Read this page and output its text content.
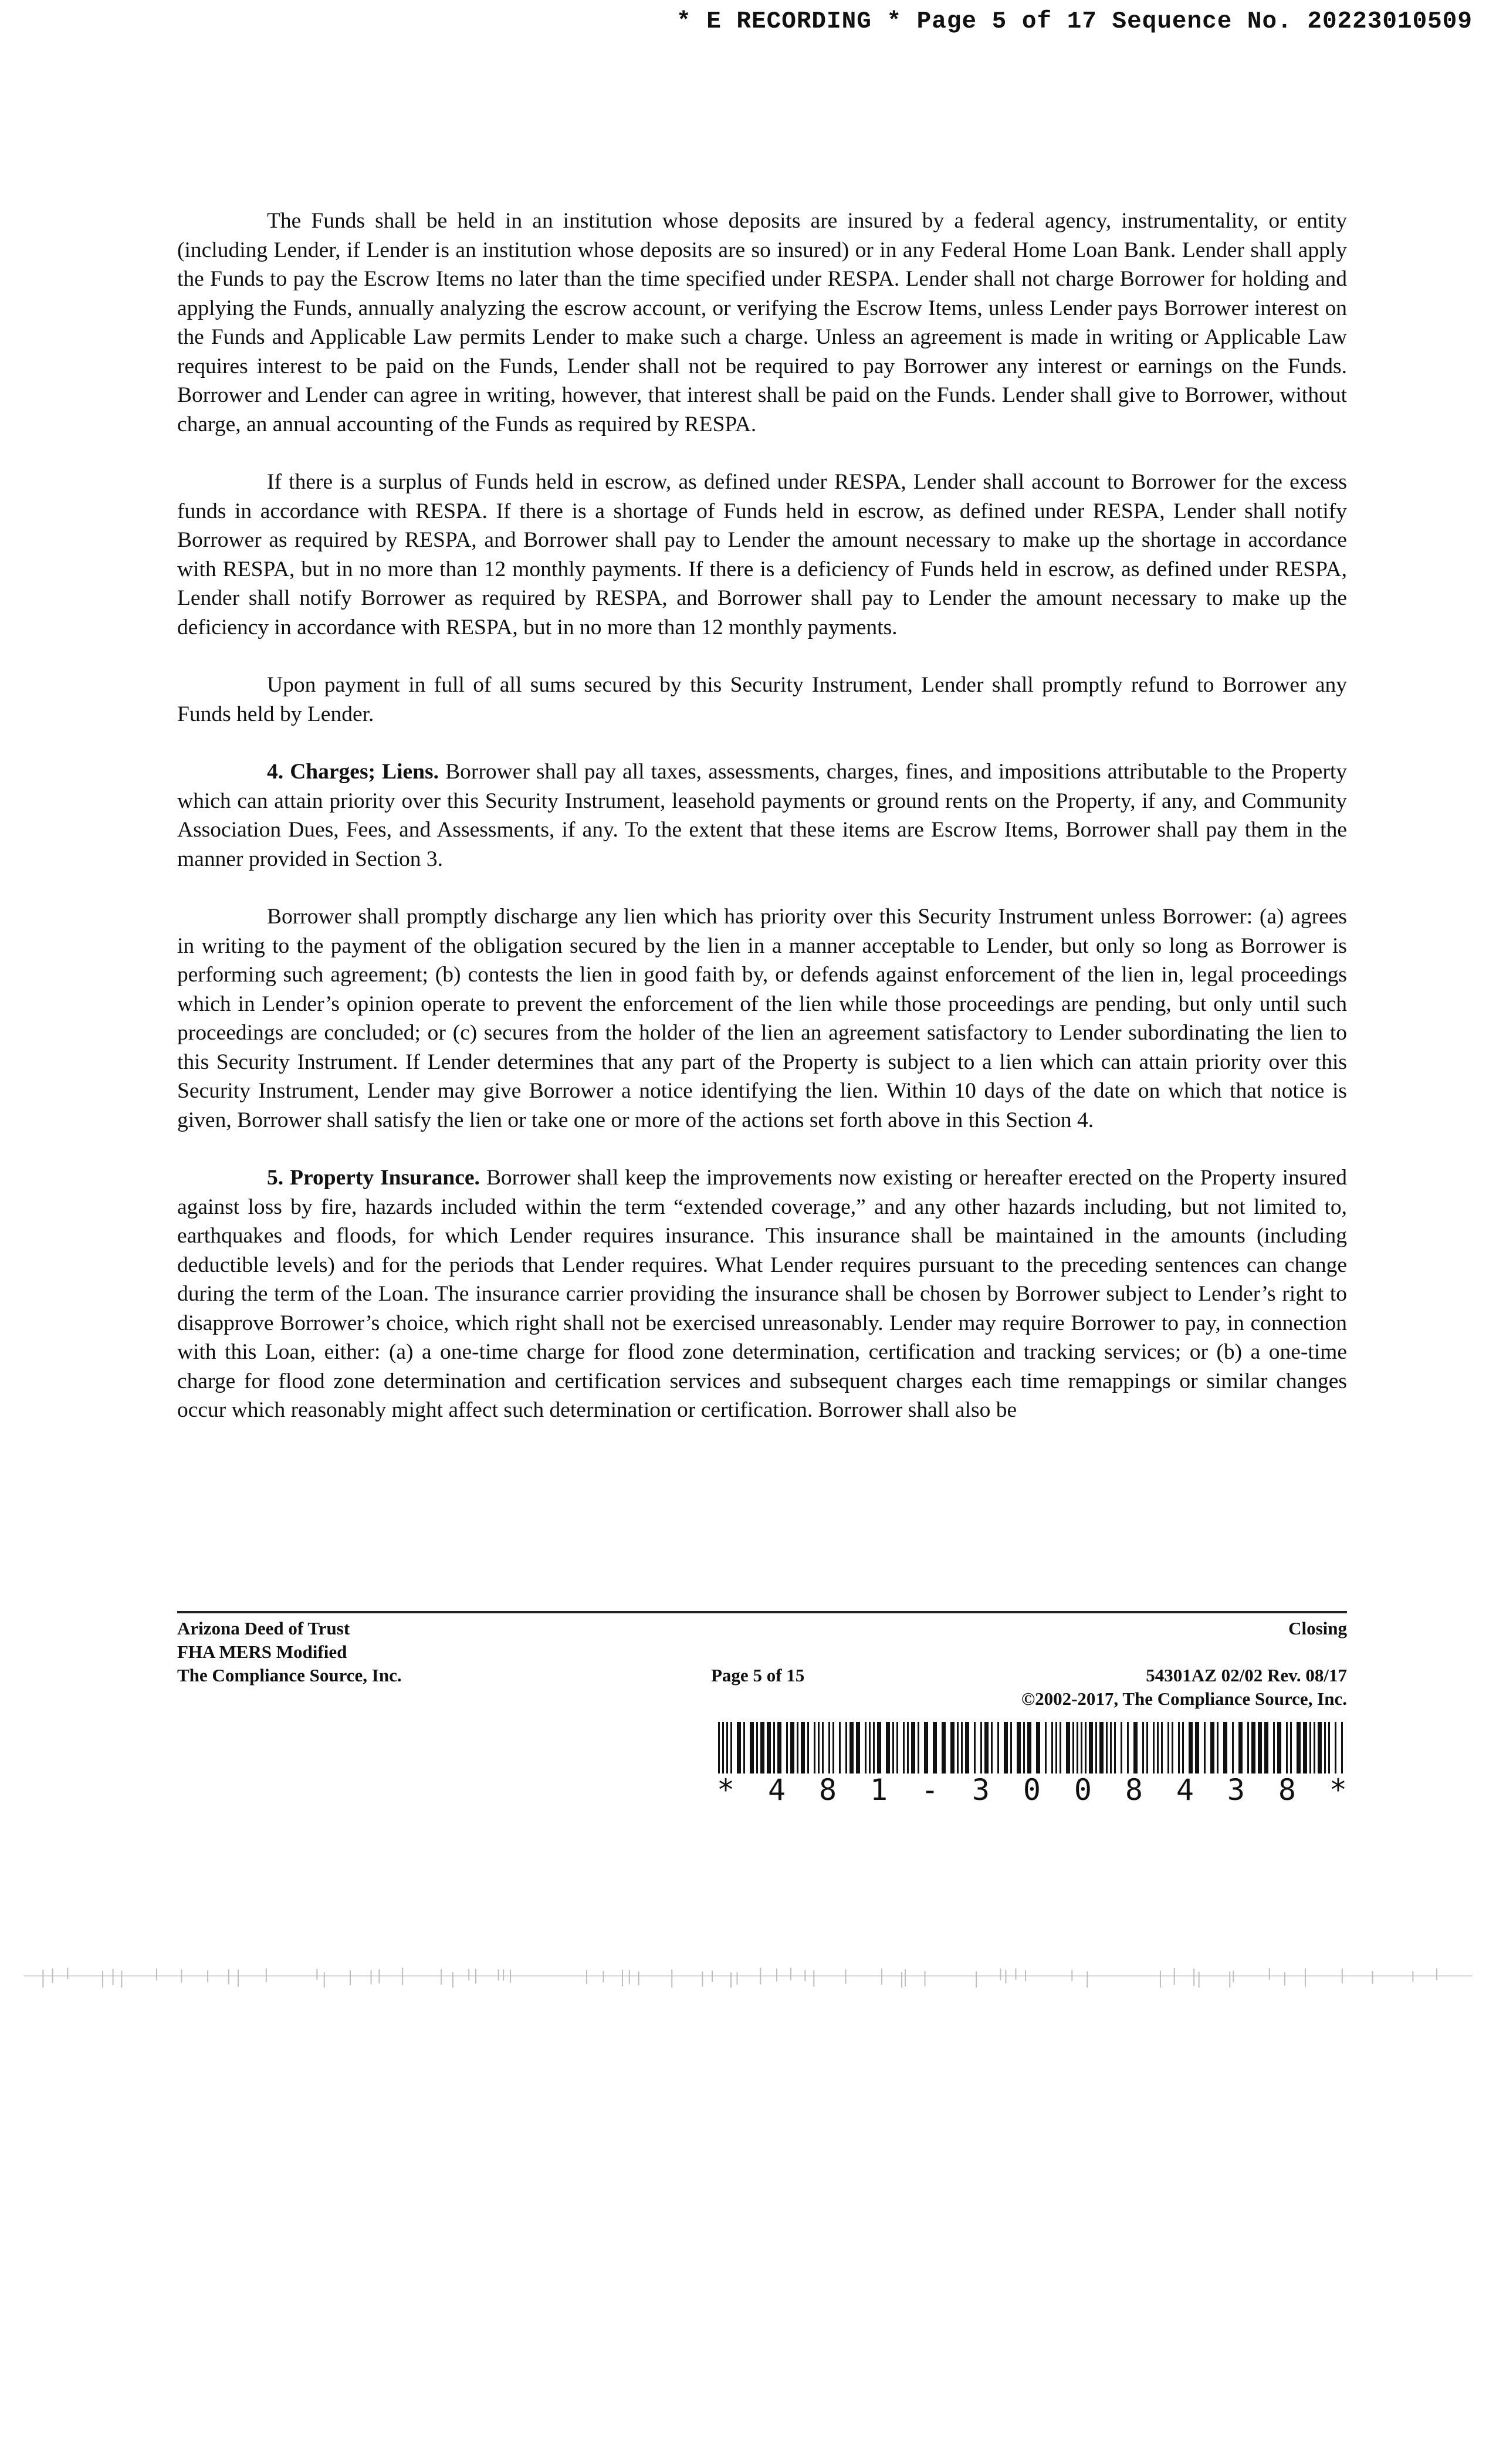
* E RECORDING * Page 5 of 17 Sequence No. 20223010509

The Funds shall be held in an institution whose deposits are insured by a federal agency, instrumentality, or entity (including Lender, if Lender is an institution whose deposits are so insured) or in any Federal Home Loan Bank. Lender shall apply the Funds to pay the Escrow Items no later than the time specified under RESPA. Lender shall not charge Borrower for holding and applying the Funds, annually analyzing the escrow account, or verifying the Escrow Items, unless Lender pays Borrower interest on the Funds and Applicable Law permits Lender to make such a charge. Unless an agreement is made in writing or Applicable Law requires interest to be paid on the Funds, Lender shall not be required to pay Borrower any interest or earnings on the Funds. Borrower and Lender can agree in writing, however, that interest shall be paid on the Funds. Lender shall give to Borrower, without charge, an annual accounting of the Funds as required by RESPA.

If there is a surplus of Funds held in escrow, as defined under RESPA, Lender shall account to Borrower for the excess funds in accordance with RESPA. If there is a shortage of Funds held in escrow, as defined under RESPA, Lender shall notify Borrower as required by RESPA, and Borrower shall pay to Lender the amount necessary to make up the shortage in accordance with RESPA, but in no more than 12 monthly payments. If there is a deficiency of Funds held in escrow, as defined under RESPA, Lender shall notify Borrower as required by RESPA, and Borrower shall pay to Lender the amount necessary to make up the deficiency in accordance with RESPA, but in no more than 12 monthly payments.

Upon payment in full of all sums secured by this Security Instrument, Lender shall promptly refund to Borrower any Funds held by Lender.

4. Charges; Liens. Borrower shall pay all taxes, assessments, charges, fines, and impositions attributable to the Property which can attain priority over this Security Instrument, leasehold payments or ground rents on the Property, if any, and Community Association Dues, Fees, and Assessments, if any. To the extent that these items are Escrow Items, Borrower shall pay them in the manner provided in Section 3.

Borrower shall promptly discharge any lien which has priority over this Security Instrument unless Borrower: (a) agrees in writing to the payment of the obligation secured by the lien in a manner acceptable to Lender, but only so long as Borrower is performing such agreement; (b) contests the lien in good faith by, or defends against enforcement of the lien in, legal proceedings which in Lender’s opinion operate to prevent the enforcement of the lien while those proceedings are pending, but only until such proceedings are concluded; or (c) secures from the holder of the lien an agreement satisfactory to Lender subordinating the lien to this Security Instrument. If Lender determines that any part of the Property is subject to a lien which can attain priority over this Security Instrument, Lender may give Borrower a notice identifying the lien. Within 10 days of the date on which that notice is given, Borrower shall satisfy the lien or take one or more of the actions set forth above in this Section 4.

5. Property Insurance. Borrower shall keep the improvements now existing or hereafter erected on the Property insured against loss by fire, hazards included within the term “extended coverage,” and any other hazards including, but not limited to, earthquakes and floods, for which Lender requires insurance. This insurance shall be maintained in the amounts (including deductible levels) and for the periods that Lender requires. What Lender requires pursuant to the preceding sentences can change during the term of the Loan. The insurance carrier providing the insurance shall be chosen by Borrower subject to Lender’s right to disapprove Borrower’s choice, which right shall not be exercised unreasonably. Lender may require Borrower to pay, in connection with this Loan, either: (a) a one-time charge for flood zone determination, certification and tracking services; or (b) a one-time charge for flood zone determination and certification services and subsequent charges each time remappings or similar changes occur which reasonably might affect such determination or certification. Borrower shall also be

Arizona Deed of Trust
FHA MERS Modified
The Compliance Source, Inc.	Page 5 of 15
Closing
54301AZ 02/02 Rev. 08/17
©2002-2017, The Compliance Source, Inc.
* 4 8 1 - 3 0 0 8 4 3 8 *
